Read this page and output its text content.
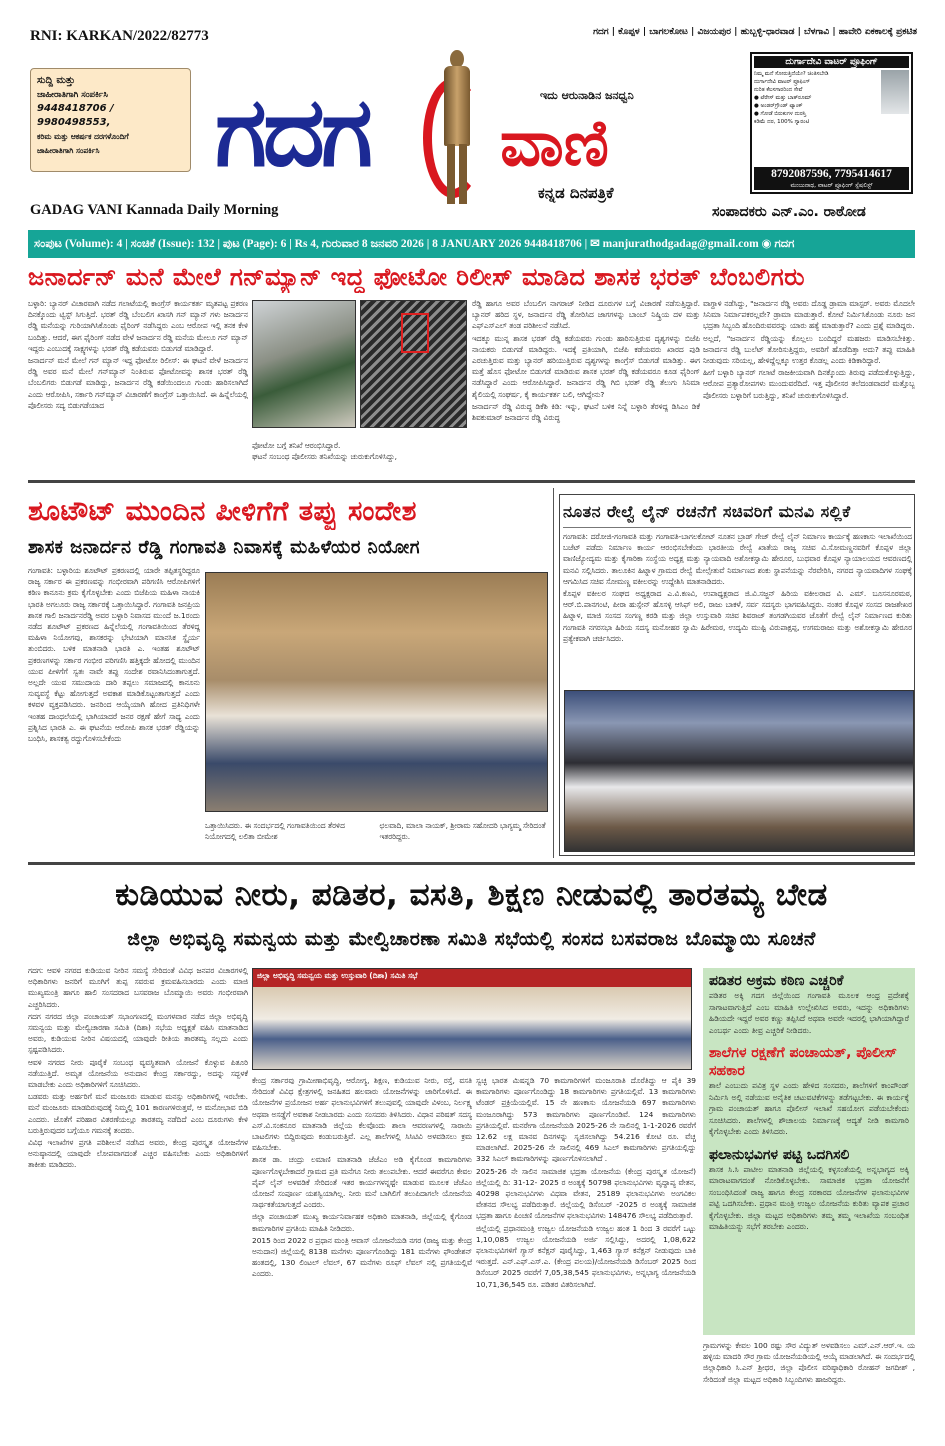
RNI: KARKAN/2022/82773	ಗದಗ | ಕೊಪ್ಪಳ | ಬಾಗಲಕೋಟ | ವಿಜಯಪುರ | ಹುಬ್ಬಳ್ಳಿ-ಧಾರವಾಡ | ಬೆಳಗಾವಿ | ಹಾವೇರಿ ಏಕಕಾಲಕ್ಕೆ ಪ್ರಕಟಿತ
ಸುದ್ದಿ ಮತ್ತು
ಜಾಹೀರಾತಿಗಾಗಿ ಸಂಪರ್ಕಿಸಿ
9448418706 / 9980498553,
ಕರಿಮ ಮತ್ತು ಆಕರ್ಷಕ ದರಗಳೊಂದಿಗೆ
ಜಾಹೀರಾತಿಗಾಗಿ ಸಂಪರ್ಕಿಸಿ	ಗದಗ	ಇದು ಆರುನಾಡಿನ ಜನಧ್ವನಿ
ವಾಣಿ
ಕನ್ನಡ ದಿನಪತ್ರಿಕೆ
ದುರ್ಗಾದೇವಿ ವಾಟರ್ ಪ್ರೂಫಿಂಗ್

ನಿಮ್ಮ ಮನೆ ಸೋರುತ್ತಿದೆಯೇ? ಚಿಂತಿಸಬೇಡಿ

ದುರ್ಗಾದೇವಿ ವಾಟರ್ ಪ್ರೂಫಿಂಗ್

ನುರಿತ ಕೆಲಸಗಾರರಿಂದ ಸೇವೆ

● ಟೆರೇಸ್ ಮತ್ತು ಬಾತ್‌ರೂಮ್

● ಅಂಡರ್‌ಗ್ರೌಂಡ್ ಟ್ಯಾಂಕ್

● ಗೋಡೆ ಬಿರುಕುಗಳ ದುರಸ್ತಿ

ಕಡಿಮೆ ದರ, 100% ಗ್ಯಾರಂಟಿ

8792087596, 7795414617
ಮಂಜುನಾಥ, ವಾಟರ್ ಪ್ರೂಫಿಂಗ್ ಸ್ಪೆಷಲಿಸ್ಟ್
GADAG VANI Kannada Daily Morning	ಸಂಪಾದಕರು ಎನ್.ಎಂ. ರಾಠೋಡ
ಸಂಪುಟ (Volume): 4 | ಸಂಚಿಕೆ (Issue): 132 | ಪುಟ (Page): 6 | Rs 4, ಗುರುವಾರ 8 ಜನವರಿ 2026 | 8 JANUARY 2026 9448418706 | ✉ manjurathodgadag@gmail.com ◉ ಗದಗ
ಜನಾರ್ದನ್ ಮನೆ ಮೇಲೆ ಗನ್‌ಮ್ಯಾನ್ ಇದ್ದ ಫೋಟೋ ರಿಲೀಸ್ ಮಾಡಿದ ಶಾಸಕ ಭರತ್ ಬೆಂಬಲಿಗರು

ಬಳ್ಳಾರಿ: ಬ್ಯಾನರ್ ವಿಚಾರವಾಗಿ ನಡೆದ ಗಲಾಟೆಯಲ್ಲಿ ಕಾಂಗ್ರೆಸ್ ಕಾರ್ಯಕರ್ತ ಮೃತಪಟ್ಟ ಪ್ರಕರಣ ದಿನಕ್ಕೊಂದು ಟ್ವಿಸ್ಟ್ ಸಿಗುತ್ತಿದೆ. ಭರತ್ ರೆಡ್ಡಿ ಬೆಂಬಲಿಗ ಖಾಸಗಿ ಗನ್ ಮ್ಯಾನ್ ಗಳು ಜನಾರ್ದನ ರೆಡ್ಡಿ ಮನೆಯನ್ನು ಗುರಿಯಾಗಿಸಿಕೊಂಡು ಫೈರಿಂಗ್ ನಡೆಸಿದ್ದರು ಎಂಬ ಆರೋಪ ಇಲ್ಲಿ ತನಕ ಕೇಳಿ ಬಂದಿತ್ತು. ಆದರೆ, ಈಗ ಫೈರಿಂಗ್ ನಡೆದ ವೇಳೆ ಜನಾರ್ದನ ರೆಡ್ಡಿ ಮನೆಯ ಮೇಲೂ ಗನ್ ಮ್ಯಾನ್ ಇದ್ದರು ಎಂಬುದಕ್ಕೆ ಸಾಕ್ಷ್ಯಗಳನ್ನು ಭರತ್ ರೆಡ್ಡಿ ಕಡೆಯವರು ಬಿಡುಗಡೆ ಮಾಡಿದ್ದಾರೆ.

ಜನಾರ್ದನ್ ಮನೆ ಮೇಲೆ ಗನ್ ಮ್ಯಾನ್ ಇದ್ದ ಫೋಟೋ ರಿಲೀಸ್: ಈ ಘಟನೆ ವೇಳೆ ಜನಾರ್ದನ ರೆಡ್ಡಿ ಅವರ ಮನೆ ಮೇಲೆ ಗನ್‌ಮ್ಯಾನ್ ನಿಂತಿರುವ ಫೋಟೋವನ್ನು ಶಾಸಕ ಭರತ್ ರೆಡ್ಡಿ ಬೆಂಬಲಿಗರು ಬಿಡುಗಡೆ ಮಾಡಿದ್ದು, ಜನಾರ್ದನ ರೆಡ್ಡಿ ಕಡೆಯಿಂದಲೂ ಗುಂಡು ಹಾರಿಸಲಾಗಿದೆ ಎಂದು ಆರೋಪಿಸಿ, ಸರ್ಕಾರಿ ಗನ್‌ಮ್ಯಾನ್ ವಿಚಾರಣೆಗೆ ಕಾಂಗ್ರೆಸ್ ಒತ್ತಾಯಿಸಿದೆ. ಈ ಹಿನ್ನೆಲೆಯಲ್ಲಿ ಪೊಲೀಸರು ಸದ್ಯ ಬಿಡುಗಡೆಯಾದ

ಫೋಟೋ ಬಗ್ಗೆ ತನಿಖೆ ಆರಂಭಿಸಿದ್ದಾರೆ.

ಘಟನೆ ಸಂಬಂಧ ಪೊಲೀಸರು ತನಿಖೆಯನ್ನು ಚುರುಕುಗೊಳಿಸಿದ್ದು,

ರೆಡ್ಡಿ ಹಾಗೂ ಅವರ ಬೆಂಬಲಿಗ ನಾಗರಾಜ್ ನೀಡಿದ ದೂರುಗಳ ಬಗ್ಗೆ ವಿಚಾರಣೆ ನಡೆಸುತ್ತಿದ್ದಾರೆ. ಬ್ಯಾನರ್ ಹರಿದ ಸ್ಥಳ, ಜನಾರ್ದನ ರೆಡ್ಡಿ ತೋರಿಸಿದ ಜಾಗಗಳನ್ನು ಬಾಂಬ್ ನಿಷ್ಕ್ರಿಯ ದಳ ಮತ್ತು ಎಫ್ಎಸ್ಎಲ್ ತಂಡ ಪರಿಶೀಲನೆ ನಡೆಸಿದೆ.

ಇದಕ್ಕೂ ಮುನ್ನ ಶಾಸಕ ಭರತ್ ರೆಡ್ಡಿ ಕಡೆಯವರು ಗುಂಡು ಹಾರಿಸುತ್ತಿರುವ ದೃಶ್ಯಗಳನ್ನು ಬಿಜೆಪಿ ನಾಯಕರು ಬಿಡುಗಡೆ ಮಾಡಿದ್ದರು. ಇದಕ್ಕೆ ಪ್ರತಿಯಾಗಿ, ಬಿಜೆಪಿ ಕಡೆಯವರು ಖಾರದ ಪುಡಿ ಎರಚುತ್ತಿರುವ ಮತ್ತು ಬ್ಯಾನರ್ ಹರಿಯುತ್ತಿರುವ ದೃಶ್ಯಗಳನ್ನು ಕಾಂಗ್ರೆಸ್ ಬಿಡುಗಡೆ ಮಾಡಿತ್ತು. ಈಗ ಮತ್ತೆ ಹೊಸ ಫೋಟೋ ಬಿಡುಗಡೆ ಮಾಡಿರುವ ಶಾಸಕ ಭರತ್ ರೆಡ್ಡಿ ಕಡೆಯವರೂ ಕೂಡ ಫೈರಿಂಗ್ ನಡೆಸಿದ್ದಾರೆ ಎಂದು ಆರೋಪಿಸಿದ್ದಾರೆ. ಜನಾರ್ದನ ರೆಡ್ಡಿ ಗಿಬಿ ಭರತ್ ರೆಡ್ಡಿ ತೆಲುಗು ಸಿನಿಮಾ ಶೈಲಿಯಲ್ಲಿ ಸಂಘರ್ಷ, ಕೈ ಕಾರ್ಯಕರ್ತ ಬಲಿ, ಆಗಿದ್ದೇನು?

ಜನಾರ್ದನ್ ರೆಡ್ಡಿ ವಿರುದ್ಧ ಡಿಕೆಶಿ ಕಿಡಿ: ಇನ್ನು, ಘಟನೆ ಬಳಿಕ ನಿನ್ನೆ ಬಳ್ಳಾರಿ ತೆರಳಿದ್ದ ಡಿಸಿಎಂ ಡಿಕೆ ಶಿವಕುಮಾರ್ ಜನಾರ್ದನ ರೆಡ್ಡಿ ವಿರುದ್ಧ

ವಾಗ್ದಾಳಿ ನಡೆಸಿದ್ದು, "ಜನಾರ್ದನ ರೆಡ್ಡಿ ಅವರು ದೊಡ್ಡ ಡ್ರಾಮಾ ಮಾಸ್ಟರ್. ಅವರು ಮೊದಲೇ ಸಿನಿಮಾ ನಿರ್ಮಾಪಕರಲ್ಲವೇ? ಡ್ರಾಮಾ ಮಾಡುತ್ತಾರೆ. ಕೋಟೆ ನಿರ್ಮಿಸಿಕೊಂಡು ನೂರು ಜನ ಭದ್ರತಾ ಸಿಬ್ಬಂದಿ ಹೊಂದಿರುವವರನ್ನು ಯಾರು ಹತ್ಯೆ ಮಾಡುತ್ತಾರೆ? ಎಂದು ಪ್ರಶ್ನೆ ಮಾಡಿದ್ದರು.

ಅಲ್ಲದೆ, "ಜನಾರ್ದನ ರೆಡ್ಡಿಯನ್ನು ಕೊಲ್ಲಲು ಬಂದಿದ್ದರೆ ಮಹಜರು ಮಾಡಿಸಬೇಕಿತ್ತು. ಜನಾರ್ದನ ರೆಡ್ಡಿ ಬುಲೆಟ್ ತೋರಿಸುತ್ತಿದ್ದರು, ಅವರಿಗೆ ಹೊಡೆದಿತ್ತಾ ಅದು? ತಪ್ಪು ಮಾಹಿತಿ ನೀಡುವುದು ಸರಿಯಲ್ಲ, ಹೇಳಿದ್ದೆಲ್ಲಕ್ಕೂ ಉತ್ತರ ಕೊಡಲ್ಲ ಎಂದು ಕಿಡಿಕಾರಿದ್ದಾರೆ.

ಹೀಗೆ ಬಳ್ಳಾರಿ ಬ್ಯಾನರ್ ಗಲಾಟೆ ರಾಜಕೀಯವಾಗಿ ದಿನಕ್ಕೊಂದು ತಿರುವು ಪಡೆದುಕೊಳ್ಳುತ್ತಿದ್ದು, ಆರೋಪ ಪ್ರತ್ಯಾರೋಪಗಳು ಮುಂದುವರೆದಿದೆ. ಇತ್ತ ಪೊಲೀಸರ ತಲೆದಂಡವಾದರೆ ಮತ್ತೊಬ್ಬ ಪೊಲೀಸರು ಬಳ್ಳಾರಿಗೆ ಬರುತ್ತಿದ್ದು, ತನಿಖೆ ಚುರುಕುಗೊಳಿಸಿದ್ದಾರೆ.

ಶೂಟೌಟ್ ಮುಂದಿನ ಪೀಳಿಗೆಗೆ ತಪ್ಪು ಸಂದೇಶ
ಶಾಸಕ ಜನಾರ್ದನ ರೆಡ್ಡಿ ಗಂಗಾವತಿ ನಿವಾಸಕ್ಕೆ ಮಹಿಳೆಯರ ನಿಯೋಗ

ಗಂಗಾವತಿ: ಬಳ್ಳಾರಿಯ ಶೂಟೌಟ್ ಪ್ರಕರಣದಲ್ಲಿ ಯಾರೇ ತಪ್ಪಿತಸ್ಥರಿದ್ದರೂ ರಾಜ್ಯ ಸರ್ಕಾರ ಈ ಪ್ರಕರಣವನ್ನು ಗಂಭೀರವಾಗಿ ಪರಿಗಣಿಸಿ ಆರೋಪಿಗಳಿಗೆ ಕಠಿಣ ಕಾನೂನು ಕ್ರಮ ಕೈಗೊಳ್ಳಬೇಕು ಎಂದು ಬಿಜೆಪಿಯ ಮಹಿಳಾ ನಾಯಕಿ ಭಾರತಿ ಅಗಲೂರು ರಾಜ್ಯ ಸರ್ಕಾರಕ್ಕೆ ಒತ್ತಾಯಿಸಿದ್ದಾರೆ. ಗಂಗಾವತಿ ಜನಪ್ರಿಯ ಶಾಸಕ ಗಾಲಿ ಜನಾರ್ದನರೆಡ್ಡಿ ಅವರ ಬಳ್ಳಾರಿ ನಿವಾಸದ ಮುಂದೆ ಜ.1ರಂದು ನಡೆದ ಶೂಟೌಟ್ ಪ್ರಕರಣದ ಹಿನ್ನೆಲೆಯಲ್ಲಿ ಗಂಗಾವತಿಯಿಂದ ತೆರಳಿದ್ದ ಮಹಿಳಾ ನಿಯೋಗವು, ಶಾಸಕರನ್ನು ಭೇಟಿಯಾಗಿ ಮಾನಸಿಕ ಸ್ಥೈರ್ಯ ತುಂಬಿದರು. ಬಳಿಕ ಮಾತನಾಡಿ ಭಾರತಿ ಎ. ಇಂತಹ ಶೂಟೌಟ್ ಪ್ರಕರಣಗಳನ್ನು ಸರ್ಕಾರ ಗಂಭೀರ ಪರಿಗಣಿಸಿ ಹತ್ತಿಕ್ಕದೇ ಹೋದಲ್ಲಿ ಮುಂದಿನ ಯುವ ಪೀಳಿಗೆಗೆ ಸ್ವತಃ ನಾವೇ ತಪ್ಪು ಸಂದೇಶ ರವಾನಿಸಿದಂತಾಗುತ್ತದೆ. ಅಲ್ಲದೇ ಯುವ ಸಮುದಾಯ ದಾರಿ ತಪ್ಪಲು ಸಮಾಜದಲ್ಲಿ ಕಾನೂನು ಸುವ್ಯವಸ್ಥೆ ಕೆಟ್ಟು ಹೋಗುತ್ತದೆ ಅವಕಾಶ ಮಾಡಿಕೊಟ್ಟಂತಾಗುತ್ತದೆ ಎಂದು ಕಳವಳ ವ್ಯಕ್ತಪಡಿಸಿದರು. ಜನರಿಂದ ಆಯ್ಕೆಯಾಗಿ ಹೋದ ಪ್ರತಿನಿಧಿಗಳೇ ಇಂತಹ ದಾಂಧಲೆಯಲ್ಲಿ ಭಾಗಿಯಾದರೆ ಜನರ ರಕ್ಷಣೆ ಹೇಗೆ ಸಾಧ್ಯ ಎಂದು ಪ್ರಶ್ನಿಸಿದ ಭಾರತಿ ಎ. ಈ ಘಟನೆಯ ಆರೋಪಿ ಶಾಸಕ ಭರತ್ ರೆಡ್ಡಿಯನ್ನು ಬಂಧಿಸಿ, ಶಾಸಕತ್ವ ರದ್ದುಗೊಳಿಸಬೇಕೆಂದು

ಒತ್ತಾಯಿಸಿದರು. ಈ ಸಂದರ್ಭದಲ್ಲಿ ಗಂಗಾವತಿಯಿಂದ ತೆರಳಿದ ನಿಯೋಗದಲ್ಲಿ ಲಲಿತಾ ಬೀಮೇಶ
ಛಲವಾದಿ, ಮಾಲಾ ನಾಯಕ್, ಶ್ರೀರಾಮ ಸಹೋದರಿ ಭಾಗ್ಯಮ್ಮ ಸೇರಿದಂತೆ ಇತರರಿದ್ದರು.
ನೂತನ ರೇಲ್ವೆ ಲೈನ್ ರಚನೆಗೆ ಸಚಿವರಿಗೆ ಮನವಿ ಸಲ್ಲಿಕೆ

ಗಂಗಾವತಿ: ದರೋಜಿ-ಗಂಗಾವತಿ ಮತ್ತು ಗಂಗಾವತಿ-ಬಾಗಲಕೋಟ್ ನೂತನ ಬ್ರಾಡ್ ಗೇಜ್ ರೇಲ್ವೆ ಲೈನ್ ನಿರ್ಮಾಣ ಕಾರ್ಯಕ್ಕೆ ಹಣಕಾಸು ಇಲಾಖೆಯಿಂದ ಬಜೆಟ್ ಪಡೆದು ನಿರ್ಮಾಣ ಕಾರ್ಯ ಆರಂಭಿಸಬೇಕೆಂದು ಭಾರತೀಯ ರೇಲ್ವೆ ಖಾತೆಯ ರಾಜ್ಯ ಸಚಿವ ವಿ.ಸೋಮಣ್ಣನವರಿಗೆ ಕೊಪ್ಪಳ ಜಿಲ್ಲಾ ವಾಣಿಜ್ಯೋದ್ಯಮ ಮತ್ತು ಕೈಗಾರಿಕಾ ಸಂಸ್ಥೆಯ ಅಧ್ಯಕ್ಷ ಮತ್ತು ನ್ಯಾಯವಾದಿ ಅಶೋಕಸ್ವಾಮಿ ಹೇರೂರ, ಬುಧವಾರ ಕೊಪ್ಪಳ ನ್ಯಾಯಾಲಯದ ಆವರಣದಲ್ಲಿ ಮನವಿ ಸಲ್ಲಿಸಿದರು. ತಾಲೂಕಿನ ಹಿಟ್ನಾಳ ಗ್ರಾಮದ ರೇಲ್ವೆ ಮೇಲ್ಸೇತುವೆ ನಿರ್ಮಾಣದ ಶಂಕು ಸ್ಥಾಪನೆಯನ್ನು ನೆರವೇರಿಸಿ, ನಗರದ ನ್ಯಾಯವಾದಿಗಳ ಸಂಘಕ್ಕೆ ಆಗಮಿಸಿದ ಸಚಿವ ಸೋಮಣ್ಣ ವಕೀಲರನ್ನು ಉದ್ದೇಶಿಸಿ ಮಾತನಾಡಿದರು.

ಕೊಪ್ಪಳ ವಕೀಲರ ಸಂಘದ ಅಧ್ಯಕ್ಷರಾದ ಎ.ವಿ.ಕಣವಿ, ಉಪಾಧ್ಯಕ್ಷರಾದ ಜಿ.ವಿ.ಸಜ್ಜನ್ ಹಿರಿಯ ವಕೀಲರಾದ ವಿ. ಎಮ್. ಬೂಸನೂರಮಠ, ಆರ್.ಬಿ.ಪಾನಗಂಟಿ, ಪೀರಾ ಹುಸ್ಸೇನ್ ಹೊಸಳ್ಳಿ ಆಸಿಫ್ ಅಲಿ, ರಾಜು ಬಾಕಳೆ, ಸರ್ವ ಸದಸ್ಯರು ಭಾಗವಹಿಸಿದ್ದರು. ನಂತರ ಕೊಪ್ಪಳ ಸಂಸದ ರಾಜಶೇಖರ ಹಿಟ್ನಾಳ, ಮಾಜಿ ಸಂಸದ ಸಂಗಣ್ಣ ಕರಡಿ ಮತ್ತು ಜಿಲ್ಲಾ ಉಸ್ತುವಾರಿ ಸಚಿವ ಶಿವರಾಜ್ ತಂಗಡಗಿಯವರ ಜೊತೆಗೆ ರೇಲ್ವೆ ಲೈನ್ ನಿರ್ಮಾಣದ ಕುರಿತು ಗಂಗಾವತಿ ನಗರಸಭಾ ಹಿರಿಯ ಸದಸ್ಯ ಮನೋಹರ ಸ್ವಾಮಿ ಹಿರೇಮಠ, ಉದ್ಯಮಿ ಮುಷ್ಟಿ ವಿರುಪಾಕ್ಷಪ್ಪ, ಉಗಮರಾಜು ಮತ್ತು ಅಶೋಕಸ್ವಾಮಿ ಹೇರೂರ ಪ್ರತ್ಯೇಕವಾಗಿ ಚರ್ಚಿಸಿದರು.

ಕುಡಿಯುವ ನೀರು, ಪಡಿತರ, ವಸತಿ, ಶಿಕ್ಷಣ ನೀಡುವಲ್ಲಿ ತಾರತಮ್ಯ ಬೇಡ
ಜಿಲ್ಲಾ ಅಭಿವೃದ್ಧಿ ಸಮನ್ವಯ ಮತ್ತು ಮೇಲ್ವಿಚಾರಣಾ ಸಮಿತಿ ಸಭೆಯಲ್ಲಿ ಸಂಸದ ಬಸವರಾಜ ಬೊಮ್ಮಾಯಿ ಸೂಚನೆ

ಗದಗ: ಆವಳಿ ನಗರದ ಕುಡಿಯುವ ನೀರಿನ ಸಮಸ್ಯೆ ಸೇರಿದಂತೆ ವಿವಿಧ ಜನಪರ ವಿಚಾರಗಳಲ್ಲಿ ಅಧಿಕಾರಿಗಳು ಜನರಿಗೆ ಮೂಗಿಗೆ ತುಪ್ಪ ಸವರುವ ಕ್ರಮವಹಿಸಬಾರದು ಎಂದು ಮಾಜಿ ಮುಖ್ಯಮಂತ್ರಿ ಹಾಗೂ ಹಾಲಿ ಸಂಸದರಾದ ಬಸವರಾಜ ಬೊಮ್ಮಾಯಿ ಅವರು ಗಂಭೀರವಾಗಿ ಎಚ್ಚರಿಸಿದರು.

ಗದಗ ನಗರದ ಜಿಲ್ಲಾ ಪಂಚಾಯತ್ ಸಭಾಂಗಣದಲ್ಲಿ ಮಂಗಳವಾರ ನಡೆದ ಜಿಲ್ಲಾ ಅಭಿವೃದ್ಧಿ ಸಮನ್ವಯ ಮತ್ತು ಮೇಲ್ವಿಚಾರಣಾ ಸಮಿತಿ (ದಿಶಾ) ಸಭೆಯ ಅಧ್ಯಕ್ಷತೆ ವಹಿಸಿ ಮಾತನಾಡಿದ ಅವರು, ಕುಡಿಯುವ ನೀರಿನ ವಿಷಯದಲ್ಲಿ ಯಾವುದೇ ರೀತಿಯ ತಾರತಮ್ಯ ಸಲ್ಲದು ಎಂದು ಸ್ಪಷ್ಟಪಡಿಸಿದರು.

ಆವಳಿ ನಗರದ ನೀರು ಪೂರೈಕೆ ಸಂಬಂಧ ವ್ಯವಸ್ಥಿತವಾಗಿ ಯೋಜನೆ ಕೊಳ್ಳುವ ಪಿತೂರಿ ನಡೆಯುತ್ತಿದೆ. ಅಮೃತ ಯೋಜನೆಯ ಅನುದಾನ ಕೇಂದ್ರ ಸರ್ಕಾರದ್ದು, ಅದನ್ನು ಸದ್ಬಳಕೆ ಮಾಡಬೇಕು ಎಂದು ಅಧಿಕಾರಿಗಳಿಗೆ ಸೂಚಿಸಿದರು.

ಬಡವರು ಮತ್ತು ಅರ್ಹರಿಗೆ ಮನೆ ಮಂಜೂರು ಮಾಡುವ ಮನಸ್ಸು ಅಧಿಕಾರಿಗಳಲ್ಲಿ ಇರಬೇಕು. ಮನೆ ಮಂಜೂರು ಮಾಡದಿರುವುದಕ್ಕೆ ನಿಮ್ಮಲ್ಲಿ 101 ಕಾರಣಗಳಿರುತ್ತವೆ, ಆ ಮನೋಭಾವ ಬಿಡಿ ಎಂದರು. ಜೊತೆಗೆ ಪರಿಹಾರ ವಿತರಣೆಯಲ್ಲೂ ತಾರತಮ್ಯ ನಡೆದಿದೆ ಎಂಬ ದೂರುಗಳು ಕೇಳಿ ಬರುತ್ತಿರುವುದರ ಬಗ್ಗೆಯೂ ಗಮನಕ್ಕೆ ತಂದರು.

ವಿವಿಧ ಇಲಾಖೆಗಳ ಪ್ರಗತಿ ಪರಿಶೀಲನೆ ನಡೆಸಿದ ಅವರು, ಕೇಂದ್ರ ಪುರಸ್ಕೃತ ಯೋಜನೆಗಳ ಅನುಷ್ಠಾನದಲ್ಲಿ ಯಾವುದೇ ಲೋಪವಾಗದಂತೆ ಎಚ್ಚರ ವಹಿಸಬೇಕು ಎಂದು ಅಧಿಕಾರಿಗಳಿಗೆ ತಾಕೀತು ಮಾಡಿದರು.

ಜಿಲ್ಲಾ ಅಭಿವೃದ್ಧಿ ಸಮನ್ವಯ ಮತ್ತು ಉಸ್ತುವಾರಿ (ದಿಶಾ) ಸಮಿತಿ ಸಭೆ

ಕೇಂದ್ರ ಸರ್ಕಾರವು ಗ್ರಾಮೀಣಾಭಿವೃದ್ಧಿ, ಆರೋಗ್ಯ, ಶಿಕ್ಷಣ, ಕುಡಿಯುವ ನೀರು, ರಸ್ತೆ, ವಸತಿ ಸೇರಿದಂತೆ ವಿವಿಧ ಕ್ಷೇತ್ರಗಳಲ್ಲಿ ಜನಹಿತದ ಹಲವಾರು ಯೋಜನೆಗಳನ್ನು ಜಾರಿಗೊಳಿಸಿದೆ. ಈ ಯೋಜನೆಗಳ ಪ್ರಯೋಜನ ಅರ್ಹ ಫಲಾನುಭವಿಗಳಿಗೆ ತಲುಪುವಲ್ಲಿ ಯಾವುದೇ ವಿಳಂಬ, ನಿರ್ಲಕ್ಷ್ಯ ಅಥವಾ ಅಸಡ್ಡೆಗೆ ಅವಕಾಶ ನೀಡಬಾರದು ಎಂದು ಸಂಸದರು ತಿಳಿಸಿದರು. ವಿಧಾನ ಪರಿಷತ್ ಸದಸ್ಯ ಎಸ್.ವಿ.ಸಂಕನೂರ ಮಾತನಾಡಿ ಜಿಲ್ಲೆಯ ಕೆಲವೊಂದು ಶಾಲಾ ಆವರಣಗಳಲ್ಲಿ ಸಾರಾಯಿ ಬಾಟಲಿಗಳು ಬಿದ್ದಿರುವುದು ಕಂಡುಬರುತ್ತಿವೆ. ಎಲ್ಲ ಶಾಲೆಗಳಲ್ಲಿ ಸಿಸಿಟಿವಿ ಅಳವಡಿಸಲು ಕ್ರಮ ವಹಿಸಬೇಕು.

ಶಾಸಕ ಡಾ. ಚಂದ್ರು ಲಮಾಣಿ ಮಾತನಾಡಿ ಜೆಜೆಎಂ ಅಡಿ ಕೈಗೊಂಡ ಕಾಮಗಾರಿಗಳು ಪೂರ್ಣಗೊಳ್ಳಬೇಕಾದರೆ ಗ್ರಾಮದ ಪ್ರತಿ ಮನೆಗೂ ನೀರು ತಲುಪಬೇಕು. ಆದರೆ ಈವರೆಗೂ ಕೇವಲ ಪೈಪ್ ಲೈನ್ ಅಳವಡಿಕೆ ಸೇರಿದಂತೆ ಇತರ ಕಾರ್ಯಗಳನ್ನಷ್ಟೇ ಮಾಡುವ ಮೂಲಕ ಜೆಜೆಎಂ ಯೋಜನೆ ಸಂಪೂರ್ಣ ಯಶಸ್ವಿಯಾಗಿಲ್ಲ. ನೀರು ಮನೆ ಬಾಗಿಲಿಗೆ ತಲುಪಿದಾಗಲೇ ಯೋಜನೆಯ ಸಾರ್ಥಕತೆಯಾಗುತ್ತದೆ ಎಂದರು.

ಜಿಲ್ಲಾ ಪಂಚಾಯತ್ ಮುಖ್ಯ ಕಾರ್ಯನಿರ್ವಾಹಕ ಅಧಿಕಾರಿ ಮಾತನಾಡಿ, ಜಿಲ್ಲೆಯಲ್ಲಿ ಕೈಗೊಂಡ ಕಾಮಗಾರಿಗಳ ಪ್ರಗತಿಯ ಮಾಹಿತಿ ನೀಡಿದರು.

2015 ರಿಂದ 2022 ರ ಪ್ರಧಾನ ಮಂತ್ರಿ ಆವಾಸ್ ಯೋಜನೆಯಡಿ ನಗರ (ರಾಜ್ಯ ಮತ್ತು ಕೇಂದ್ರ ಅನುದಾನ) ಜಿಲ್ಲೆಯಲ್ಲಿ 8138 ಮನೆಗಳು ಪೂರ್ಣಗೊಂಡಿದ್ದು 181 ಮನೆಗಳು ಫೌಂಡೇಶನ್ ಹಂತದಲ್ಲಿ, 130 ಲಿಂಟಲ್ ಲೆವಲ್, 67 ಮನೆಗಳು ರೂಫ್ ಲೆವಲ್ ನಲ್ಲಿ ಪ್ರಗತಿಯಲ್ಲಿವೆ ಎಂದರು.

ಸ್ವಚ್ಛ ಭಾರತ ಮಿಷನ್ನಡಿ 70 ಕಾಮಗಾರಿಗಳಿಗೆ ಮಂಜೂರಾತಿ ದೊರೆತಿದ್ದು ಆ ಪೈಕಿ 39 ಕಾಮಗಾರಿಗಳು ಪೂರ್ಣಗೊಂಡಿದ್ದು 18 ಕಾಮಗಾರಿಗಳು ಪ್ರಗತಿಯಲ್ಲಿವೆ. 13 ಕಾಮಗಾರಿಗಳು ಟೆಂಡರ್ ಪ್ರಕ್ರಿಯೆಯಲ್ಲಿವೆ. 15 ನೇ ಹಣಕಾಸು ಯೋಜನೆಯಡಿ 697 ಕಾಮಗಾರಿಗಳು ಮಂಜೂರಾಗಿದ್ದು 573 ಕಾಮಗಾರಿಗಳು ಪೂರ್ಣಗೊಂಡಿವೆ. 124 ಕಾಮಗಾರಿಗಳು ಪ್ರಗತಿಯಲ್ಲಿವೆ. ಮನರೇಗಾ ಯೋಜನೆಯಡಿ 2025-26 ನೇ ಸಾಲಿನಲ್ಲಿ 1-1-2026 ರವರೆಗೆ 12.62 ಲಕ್ಷ ಮಾನವ ದಿನಗಳನ್ನು ಸೃಜಿಸಲಾಗಿದ್ದು 54.216 ಕೋಟಿ ರೂ. ವೆಚ್ಚ ಮಾಡಲಾಗಿದೆ. 2025-26 ನೇ ಸಾಲಿನಲ್ಲಿ 469 ಸಿಎಲ್ ಕಾಮಗಾರಿಗಳು ಪ್ರಗತಿಯಲ್ಲಿದ್ದು 332 ಸಿಎಲ್ ಕಾಮಗಾರಿಗಳನ್ನು ಪೂರ್ಣಗೊಳಿಸಲಾಗಿದೆ .

2025-26 ನೇ ಸಾಲಿನ ಸಾಮಾಜಿಕ ಭದ್ರತಾ ಯೋಜನೆಯ (ಕೇಂದ್ರ ಪುರಸ್ಕೃತ ಯೋಜನೆ) ಜಿಲ್ಲೆಯಲ್ಲಿ ದಿ: 31-12- 2025 ರ ಅಂತ್ಯಕ್ಕೆ 50798 ಫಲಾನುಭವಿಗಳು ವೃದ್ಧಾಪ್ಯ ವೇತನ, 40298 ಫಲಾನುಭವಿಗಳು ವಿಧವಾ ವೇತನ, 25189 ಫಲಾನುಭವಿಗಳು ಅಂಗವಿಕಲ ವೇತನದ ಸೌಲಭ್ಯ ಪಡೆದಿರುತ್ತಾರೆ. ಜಿಲ್ಲೆಯಲ್ಲಿ ಡಿಸೆಂಬರ್ -2025 ರ ಅಂತ್ಯಕ್ಕೆ ಸಾಮಾಜಿಕ ಭದ್ರತಾ ಹಾಗೂ ಪಿಂಚಣಿ ಯೋಜನೆಗಳ ಫಲಾನುಭವಿಗಳು 148476 ಸೌಲಭ್ಯ ಪಡೆದಿರುತ್ತಾರೆ.

ಜಿಲ್ಲೆಯಲ್ಲಿ ಪ್ರಧಾನಮಂತ್ರಿ ಉಜ್ವಲ ಯೋಜನೆಯಡಿ ಉಜ್ವಲ ಹಂತ 1 ರಿಂದ 3 ರವರೆಗೆ ಒಟ್ಟು 1,10,085 ಉಜ್ವಲ ಯೋಜನೆಯಡಿ ಅರ್ಜಿ ಸಲ್ಲಿಸಿದ್ದು, ಅದರಲ್ಲಿ 1,08,622 ಫಲಾನುಭವಿಗಳಿಗೆ ಗ್ಯಾಸ್ ಕನೆಕ್ಷನ್ ಪೂರೈಸಿದ್ದು, 1,463 ಗ್ಯಾಸ್ ಕನೆಕ್ಷನ್ ನೀಡುವುದು ಬಾಕಿ ಇರುತ್ತದೆ. ಎನ್.ಎಫ್.ಎಸ್.ಎ. (ಕೇಂದ್ರ ಪಲಯ)/ಯೋಜನೆಯಡಿ ಡಿಸೆಂಬರ್ 2025 ರಿಂದ ಡಿಸೆಂಬರ್ 2025 ರವರೆಗೆ 7,05,38,545 ಫಲಾನುಭವಿಗಳು, ಅನ್ನಭಾಗ್ಯ ಯೋಜನೆಯಡಿ 10,71,36,545 ರೂ. ಪಡಿತರ ವಿತರಿಸಲಾಗಿದೆ.

ಪಡಿತರ ಅಕ್ರಮ ಕಠಿಣ ಎಚ್ಚರಿಕೆ
ಪಡಿತರ ಅಕ್ಕಿ ಗದಗ ಜಿಲ್ಲೆಯಿಂದ ಗಂಗಾವತಿ ಮೂಲಕ ಆಂಧ್ರ ಪ್ರದೇಶಕ್ಕೆ ಸಾಗಾಟವಾಗುತ್ತಿದೆ ಎಂಬ ಮಾಹಿತಿ ಉಲ್ಲೇಖಿಸಿದ ಅವರು, ಇದನ್ನು ಅಧಿಕಾರಿಗಳು ಹಿಡಿಯದೇ ಇದ್ದರೆ ಅವರ ಕಣ್ಣು ತಪ್ಪಿಸಿದೆ ಅಥವಾ ಅವರೇ ಇದರಲ್ಲಿ ಭಾಗಿಯಾಗಿದ್ದಾರೆ ಎಂಬರ್ಥ ಎಂದು ತೀವ್ರ ಎಚ್ಚರಿಕೆ ನೀಡಿದರು.
ಶಾಲೆಗಳ ರಕ್ಷಣೆಗೆ ಪಂಚಾಯತ್, ಪೊಲೀಸ್ ಸಹಕಾರ
ಶಾಲೆ ಎಂಬುದು ಪವಿತ್ರ ಸ್ಥಳ ಎಂದು ಹೇಳಿದ ಸಂಸದರು, ಶಾಲೆಗಳಿಗೆ ಕಾಂಪೌಂಡ್ ನಿರ್ಮಿಸಿ ಅಲ್ಲಿ ನಡೆಯುವ ಅನೈತಿಕ ಚಟುವಟಿಕೆಗಳನ್ನು ತಡೆಗಟ್ಟಬೇಕು. ಈ ಕಾರ್ಯಕ್ಕೆ ಗ್ರಾಮ ಪಂಚಾಯತ್ ಹಾಗೂ ಪೊಲೀಸ್ ಇಲಾಖೆ ಸಹಯೋಗ ಪಡೆಯಬೇಕೆಂದು ಸೂಚಿಸಿದರು. ಶಾಲೆಗಳಲ್ಲಿ ಶೌಚಾಲಯ ನಿರ್ಮಾಣಕ್ಕೆ ಆದ್ಯತೆ ನೀಡಿ ಕಾಮಗಾರಿ ಕೈಗೊಳ್ಳಬೇಕು ಎಂದು ತಿಳಿಸಿದರು.
ಫಲಾನುಭವಿಗಳ ಪಟ್ಟಿ ಒದಗಿಸಲಿ
ಶಾಸಕ ಸಿ.ಸಿ ಪಾಟೀಲ ಮಾತನಾಡಿ ಜಿಲ್ಲೆಯಲ್ಲಿ ಕಳ್ಳಸಂತೆಯಲ್ಲಿ ಅನ್ನಭಾಗ್ಯದ ಅಕ್ಕಿ ಮಾರಾಟವಾಗದಂತೆ ನೋಡಿಕೊಳ್ಳಬೇಕು. ಸಾಮಾಜಿಕ ಭದ್ರತಾ ಯೋಜನೆಗೆ ಸಂಬಂಧಿಸಿದಂತೆ ರಾಜ್ಯ ಹಾಗೂ ಕೇಂದ್ರ ಸರಕಾರದ ಯೋಜನೆಗಳ ಫಲಾನುಭವಿಗಳ ಪಟ್ಟಿ ಒದಗಿಸಬೇಕು. ಪ್ರಧಾನ ಮಂತ್ರಿ ಉಜ್ವಲ ಯೋಜನೆಯ ಕುರಿತು ವ್ಯಾಪಕ ಪ್ರಚಾರ ಕೈಗೊಳ್ಳಬೇಕು. ಜಿಲ್ಲಾ ಮಟ್ಟದ ಅಧಿಕಾರಿಗಳು ತಮ್ಮ ತಮ್ಮ ಇಲಾಖೆಯ ಸಂಬಂಧಿತ ಮಾಹಿತಿಯನ್ನು ಸಭೆಗೆ ತರಬೇಕು ಎಂದರು.
ಗ್ರಾಮಗಳನ್ನು ಕೇವಲ 100 ರಷ್ಟು ಸೌರ ವಿದ್ಯುತ್ ಅಳವಡಿಸಲು ಎಮ್.ಎನ್.ಆರ್.ಇ. ಯ ಹಳ್ಳಿಯ ಮಾದರಿ ಸೌರ ಗ್ರಾಮ ಯೋಜನೆಯಡಿಯಲ್ಲಿ ಆಯ್ಕೆ ಮಾಡಲಾಗಿದೆ. ಈ ಸಂದರ್ಭದಲ್ಲಿ ಜಿಲ್ಲಾಧಿಕಾರಿ ಸಿ.ಎನ್ ಶ್ರೀಧರ, ಜಿಲ್ಲಾ ಪೊಲೀಸ ವರಿಷ್ಠಾಧಿಕಾರಿ ರೋಹನ್ ಜಗದೀಶ್ , ಸೇರಿದಂತೆ ಜಿಲ್ಲಾ ಮಟ್ಟದ ಅಧಿಕಾರಿ ಸಿಬ್ಬಂದಿಗಳು ಹಾಜರಿದ್ದರು.
